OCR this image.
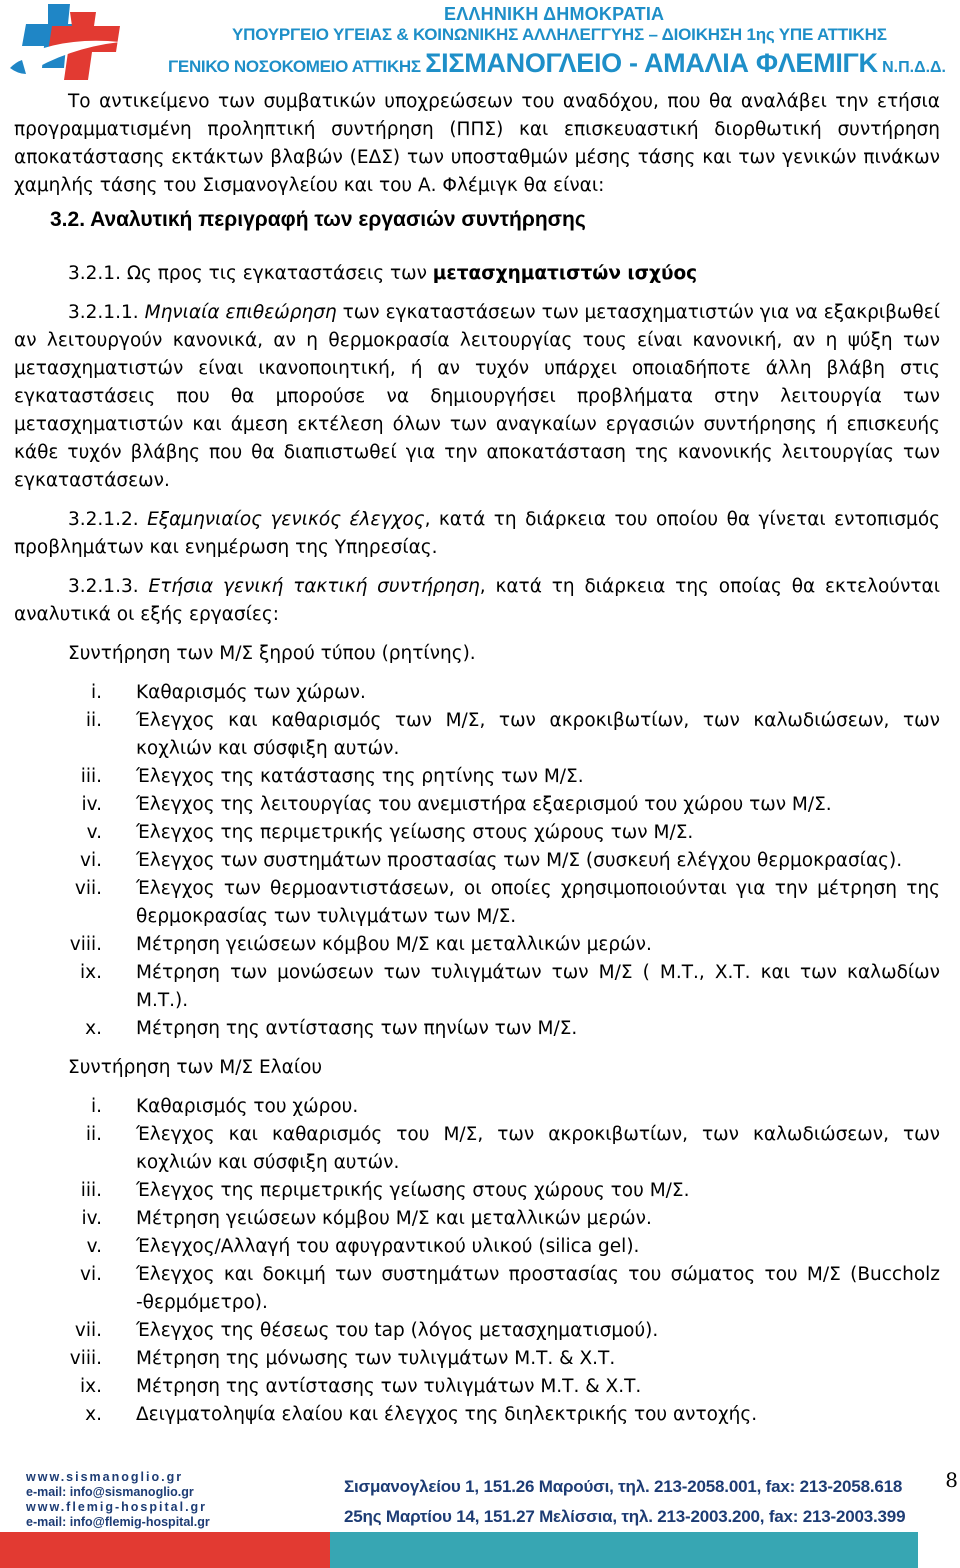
ΕΛΛΗΝΙΚΗ ΔΗΜΟΚΡΑΤΙΑ
ΥΠΟΥΡΓΕΙΟ ΥΓΕΙΑΣ & ΚΟΙΝΩΝΙΚΗΣ ΑΛΛΗΛΕΓΓΥΗΣ – ΔΙΟΙΚΗΣΗ 1ης ΥΠΕ ΑΤΤΙΚΗΣ
ΓΕΝΙΚΟ ΝΟΣΟΚΟΜΕΙΟ ΑΤΤΙΚΗΣ ΣΙΣΜΑΝΟΓΛΕΙΟ - ΑΜΑΛΙΑ ΦΛΕΜΙΓΚ Ν.Π.Δ.Δ.

Το αντικείμενο των συμβατικών υποχρεώσεων του αναδόχου, που θα αναλάβει την ετήσια προγραμματισμένη προληπτική συντήρηση (ΠΠΣ) και επισκευαστική διορθωτική συντήρηση αποκατάστασης εκτάκτων βλαβών (ΕΔΣ) των υποσταθμών μέσης τάσης και των γενικών πινάκων χαμηλής τάσης του Σισμανογλείου και του Α. Φλέμιγκ θα είναι:

3.2. Αναλυτική περιγραφή των εργασιών συντήρησης

3.2.1. Ως προς τις εγκαταστάσεις των μετασχηματιστών ισχύος

3.2.1.1. Μηνιαία επιθεώρηση των εγκαταστάσεων των μετασχηματιστών για να εξακριβωθεί αν λειτουργούν κανονικά, αν η θερμοκρασία λειτουργίας τους είναι κανονική, αν η ψύξη των μετασχηματιστών είναι ικανοποιητική, ή αν τυχόν υπάρχει οποιαδήποτε άλλη βλάβη στις εγκαταστάσεις που θα μπορούσε να δημιουργήσει προβλήματα στην λειτουργία των μετασχηματιστών και άμεση εκτέλεση όλων των αναγκαίων εργασιών συντήρησης ή επισκευής κάθε τυχόν βλάβης που θα διαπιστωθεί για την αποκατάσταση της κανονικής λειτουργίας των εγκαταστάσεων.

3.2.1.2. Εξαμηνιαίος γενικός έλεγχος, κατά τη διάρκεια του οποίου θα γίνεται εντοπισμός προβλημάτων και ενημέρωση της Υπηρεσίας.

3.2.1.3. Ετήσια γενική τακτική συντήρηση, κατά τη διάρκεια της οποίας θα εκτελούνται αναλυτικά οι εξής εργασίες:

Συντήρηση των Μ/Σ ξηρού τύπου (ρητίνης).

i. Καθαρισμός των χώρων.
ii. Έλεγχος και καθαρισμός των Μ/Σ, των ακροκιβωτίων, των καλωδιώσεων, των κοχλιών και σύσφιξη αυτών.
iii. Έλεγχος της κατάστασης της ρητίνης των Μ/Σ.
iv. Έλεγχος της λειτουργίας του ανεμιστήρα εξαερισμού του χώρου των Μ/Σ.
v. Έλεγχος της περιμετρικής γείωσης στους χώρους των Μ/Σ.
vi. Έλεγχος των συστημάτων προστασίας των Μ/Σ (συσκευή ελέγχου θερμοκρασίας).
vii. Έλεγχος των θερμοαντιστάσεων, οι οποίες χρησιμοποιούνται για την μέτρηση της θερμοκρασίας των τυλιγμάτων των Μ/Σ.
viii. Μέτρηση γειώσεων κόμβου Μ/Σ και μεταλλικών μερών.
ix. Μέτρηση των μονώσεων των τυλιγμάτων των Μ/Σ ( Μ.Τ., Χ.Τ. και των καλωδίων Μ.Τ.).
x. Μέτρηση της αντίστασης των πηνίων των Μ/Σ.

Συντήρηση των Μ/Σ Ελαίου

i. Καθαρισμός του χώρου.
ii. Έλεγχος και καθαρισμός του Μ/Σ, των ακροκιβωτίων, των καλωδιώσεων, των κοχλιών και σύσφιξη αυτών.
iii. Έλεγχος της περιμετρικής γείωσης στους χώρους του Μ/Σ.
iv. Μέτρηση γειώσεων κόμβου Μ/Σ και μεταλλικών μερών.
v. Έλεγχος/Αλλαγή του αφυγραντικού υλικού (silica gel).
vi. Έλεγχος και δοκιμή των συστημάτων προστασίας του σώματος του Μ/Σ (Buccholz -θερμόμετρο).
vii. Έλεγχος της θέσεως του tap (λόγος μετασχηματισμού).
viii. Μέτρηση της μόνωσης των τυλιγμάτων Μ.Τ. & Χ.Τ.
ix. Μέτρηση της αντίστασης των τυλιγμάτων Μ.Τ. & Χ.Τ.
x. Δειγματοληψία ελαίου και έλεγχος της διηλεκτρικής του αντοχής.
www.sismanoglio.gr
e-mail: info@sismanoglio.gr
www.flemig-hospital.gr
e-mail: info@flemig-hospital.gr
Σισμανογλείου 1, 151.26 Μαρούσι, τηλ. 213-2058.001, fax: 213-2058.618
25ης Μαρτίου 14, 151.27 Μελίσσια, τηλ. 213-2003.200, fax: 213-2003.399
8
